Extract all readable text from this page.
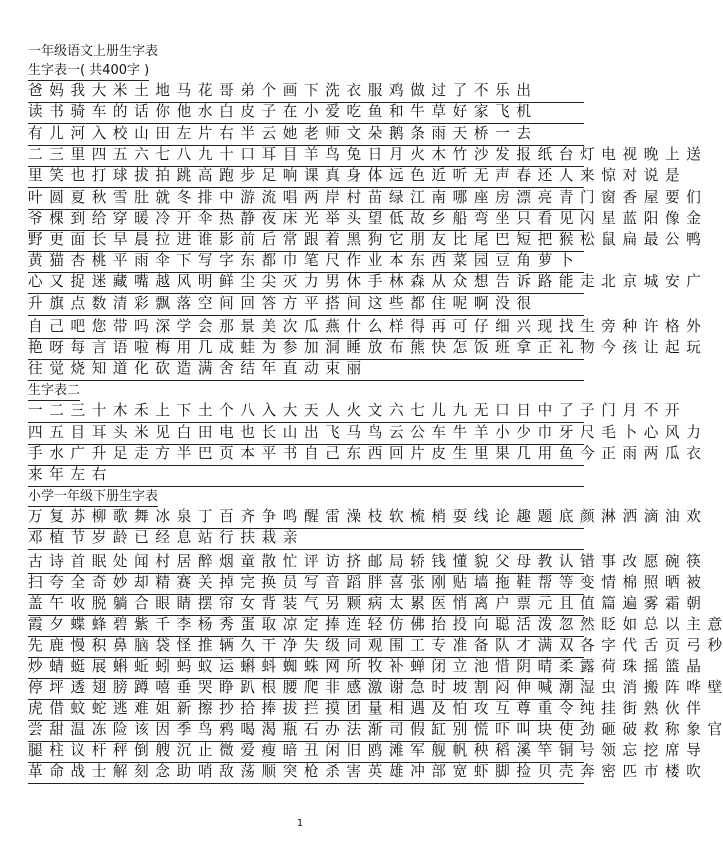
一年级语文上册生字表
生字表一( 共400字 )
爸 妈 我 大 米 土 地 马 花 哥 弟 个 画 下 洗 衣 服 鸡 做 过 了 不 乐 出
读 书 骑 车 的 话 你 他 水 白 皮 子 在 小 爱 吃 鱼 和 牛 草 好 家 飞 机
有 儿 河 入 校 山 田 左 片 右 半 云 她 老 师 文 朵 鹅 条 雨 天 桥 一 去
二 三 里 四 五 六 七 八 九 十 口 耳 目 羊 鸟 兔 日 月 火 木 竹 沙 发 报 纸 台 灯 电 视 晚 上 送
里 笑 也 打 球 拔 拍 跳 高 跑 步 足 响 课 真 身 体 远 色 近 听 无 声 春 还 人 来 惊 对 说 是
叶 圆 夏 秋 雪 肚 就 冬 排 中 游 流 唱 两 岸 村 苗 绿 江 南 哪 座 房 漂 亮 青 门 窗 香 屋 要 们
爷 棵 到 给 穿 暖 冷 开 伞 热 静 夜 床 光 举 头 望 低 故 乡 船 弯 坐 只 看 见 闪 星 蓝 阳 像 金
野 更 面 长 早 晨 拉 进 谁 影 前 后 常 跟 着 黑 狗 它 朋 友 比 尾 巴 短 把 猴 松 鼠 扁 最 公 鸭
黄 猫 杏 桃 平 雨 伞 下 写 字 东 都 巾 笔 尺 作 业 本 东 西 菜 园 豆 角 萝 卜
心 又 捉 迷 藏 嘴 越 风 明 鲜 尘 尖 灭 力 男 休 手 林 森 从 众 想 告 诉 路 能 走 北 京 城 安 广
升 旗 点 数 清 彩 飘 落 空 间 回 答 方 平 搭 间 这 些 都 住 呢 啊 没 很
自 己 吧 您 带 吗 深 学 会 那 景 美 次 瓜 燕 什 么 样 得 再 可 仔 细 兴 现 找 生 旁 种 许 格 外
艳 呀 每 言 语 啦 梅 用 几 成 蛙 为 参 加 洞 睡 放 布 熊 快 怎 饭 班 拿 正 礼 物 今 孩 让 起 玩
往 觉 烧 知 道 化 砍 造 满 舍 结 年 直 动 束 丽
生字表二
一 二 三 十 木 禾 上 下 土 个 八 入 大 天 人 火 文 六 七 儿 九 无 口 日 中 了 子 门 月 不 开
四 五 目 耳 头 米 见 白 田 电 也 长 山 出 飞 马 鸟 云 公 车 牛 羊 小 少 巾 牙 尺 毛 卜 心 风 力
手 水 广 升 足 走 方 半 巴 页 本 平 书 自 己 东 西 回 片 皮 生 里 果 几 用 鱼 今 正 雨 两 瓜 衣
来 年 左 右
小学一年级下册生字表
万 复 苏 柳 歌 舞 冰 泉 丁 百 齐 争 鸣 醒 雷 澡 枝 软 梳 梢 耍 线 论 趣 题 底 颜 淋 洒 滴 油 欢
邓 植 节 岁 龄 已 经 息 站 行 扶 栽 亲
古 诗 首 眠 处 闻 村 居 醉 烟 童 散 忙 评 访 挤 邮 局 轿 钱 懂 貌 父 母 教 认 错 事 改 愿 碗 筷
扫 夸 全 奇 妙 却 精 赛 关 掉 完 换 员 写 音 蹈 胖 喜 张 刚 贴 墙 拖 鞋 帮 等 变 情 棉 照 晒 被
盖 午 收 脱 躺 合 眼 睛 摆 帘 女 背 装 气 另 颗 病 太 累 医 悄 离 户 票 元 且 值 篇 遍 雾 霜 朝
霞 夕 蝶 蜂 碧 紫 千 李 杨 秀 蛋 取 凉 定 捧 连 轻 仿 佛 抬 投 向 聪 活 泼 忽 然 眨 如 总 以 主 意
先 鹿 慢 积 鼻 脑 袋 怪 推 辆 久 干 净 失 级 同 观 围 工 专 准 备 队 才 满 双 各 字 代 舌 页 弓 秒
炒 蜻 蜓 展 蝌 蚯 蚓 蚂 蚁 运 蝌 蚪 蜘 蛛 网 所 牧 补 蝉 闭 立 池 惜 阴 晴 柔 露 荷 珠 摇 篮 晶
停 坪 透 翅 膀 蹲 嘻 垂 哭 睁 趴 根 腰 爬 非 感 激 谢 急 时 坡 割 闷 伸 喊 潮 湿 虫 消 搬 阵 哗 壁
虎 借 蚊 蛇 逃 难 姐 新 擦 抄 拾 捧 拔 拦 摸 团 量 相 遇 及 怕 攻 互 尊 重 令 纯 挂 街 熟 伙 伴
尝 甜 温 冻 险 该 因 季 鸟 鸦 喝 渴 瓶 石 办 法 渐 司 假 缸 别 慌 吓 叫 块 使 劲 砸 破 救 称 象 官
腿 柱 议 杆 秤 倒 艘 沉 止 微 爱 瘦 暗 丑 闲 旧 鸥 滩 军 舰 帆 秧 稻 溪 竿 铜 号 领 忘 挖 席 导
革 命 战 士 解 刻 念 助 哨 敌 荡 顺 突 枪 杀 害 英 雄 冲 部 宽 虾 脚 捡 贝 壳 奔 密 匹 市 楼 吹
1
